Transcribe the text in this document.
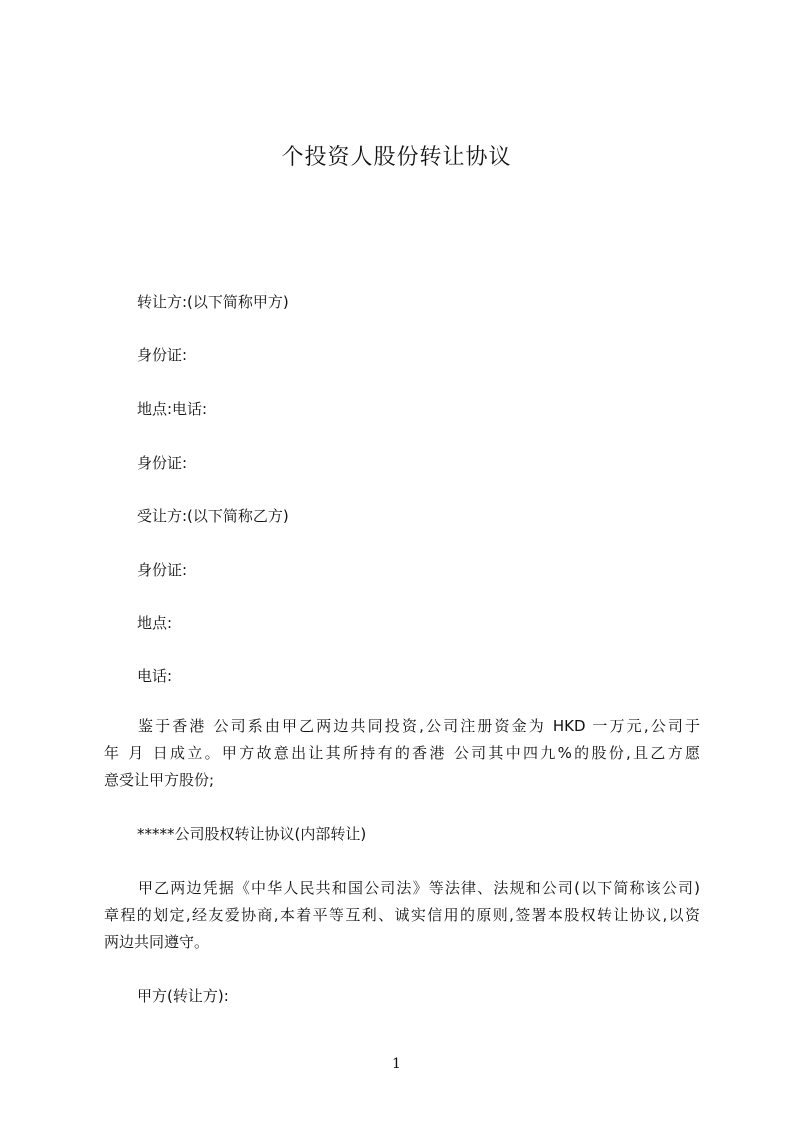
个投资人股份转让协议
转让方:(以下简称甲方)
身份证:
地点:电话:
身份证:
受让方:(以下简称乙方)
身份证:
地点:
电话:
鉴于香港 公司系由甲乙两边共同投资,公司注册资金为 HKD 一万元,公司于
年 月 日成立。甲方故意出让其所持有的香港 公司其中四九%的股份,且乙方愿
意受让甲方股份;
*****公司股权转让协议(内部转让)
甲乙两边凭据《中华人民共和国公司法》等法律、法规和公司(以下简称该公司)
章程的划定,经友爱协商,本着平等互利、诚实信用的原则,签署本股权转让协议,以资
两边共同遵守。
甲方(转让方):
1
